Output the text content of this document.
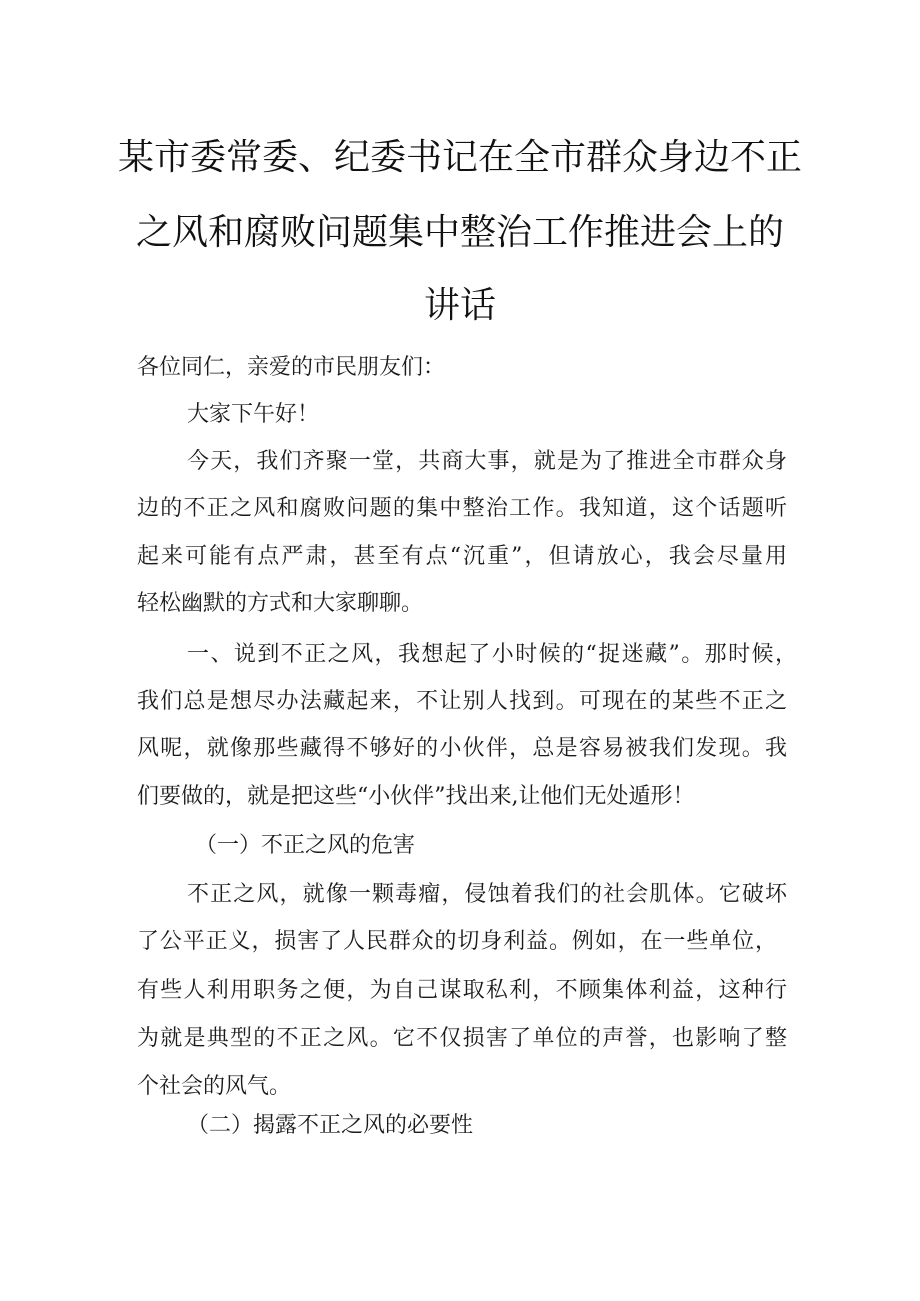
某市委常委、纪委书记在全市群众身边不正
之风和腐败问题集中整治工作推进会上的
讲话
各位同仁，亲爱的市民朋友们：
大家下午好！
今天，我们齐聚一堂，共商大事，就是为了推进全市群众身
边的不正之风和腐败问题的集中整治工作。我知道，这个话题听
起来可能有点严肃，甚至有点“沉重”，但请放心，我会尽量用
轻松幽默的方式和大家聊聊。
一、说到不正之风，我想起了小时候的“捉迷藏”。那时候，
我们总是想尽办法藏起来，不让别人找到。可现在的某些不正之
风呢，就像那些藏得不够好的小伙伴，总是容易被我们发现。我
们要做的，就是把这些“小伙伴”找出来,让他们无处遁形！
（一）不正之风的危害
不正之风，就像一颗毒瘤，侵蚀着我们的社会肌体。它破坏
了公平正义，损害了人民群众的切身利益。例如，在一些单位，
有些人利用职务之便，为自己谋取私利，不顾集体利益，这种行
为就是典型的不正之风。它不仅损害了单位的声誉，也影响了整
个社会的风气。
（二）揭露不正之风的必要性
